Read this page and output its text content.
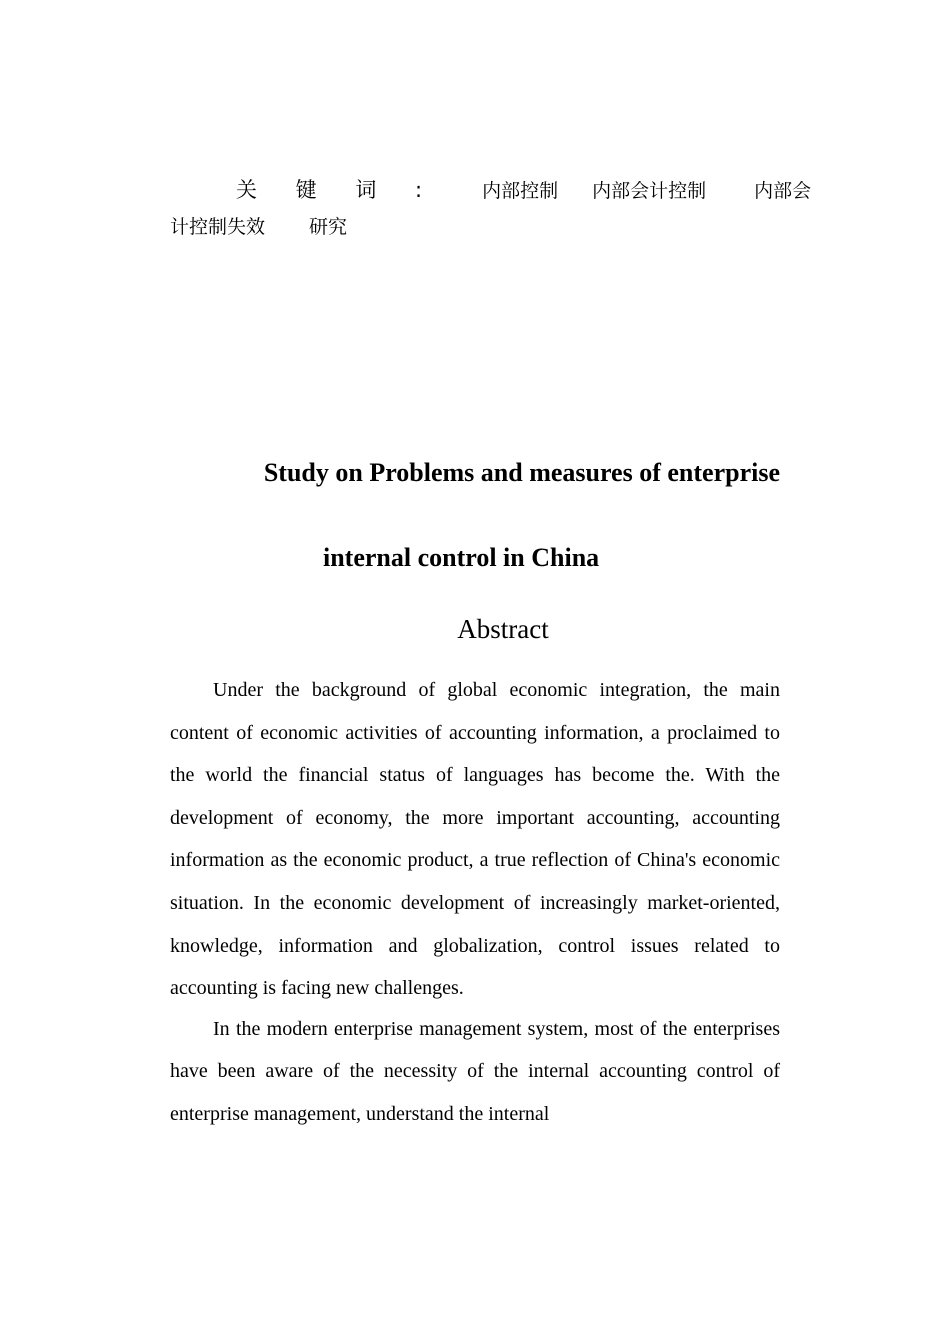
关 键 词 : 内部控制 内部会计控制	内部会
计控制失效 研究
Study on Problems and measures of enterprise
internal control in China
Abstract

Under the background of global economic integration, the main content of economic activities of accounting information, a proclaimed to the world the financial status of languages has become the. With the development of economy, the more important accounting, accounting information as the economic product, a true reflection of China's economic situation. In the economic development of increasingly market-oriented, knowledge, information and globalization, control issues related to accounting is facing new challenges.

In the modern enterprise management system, most of the enterprises have been aware of the necessity of the internal accounting control of enterprise management, understand the internal
